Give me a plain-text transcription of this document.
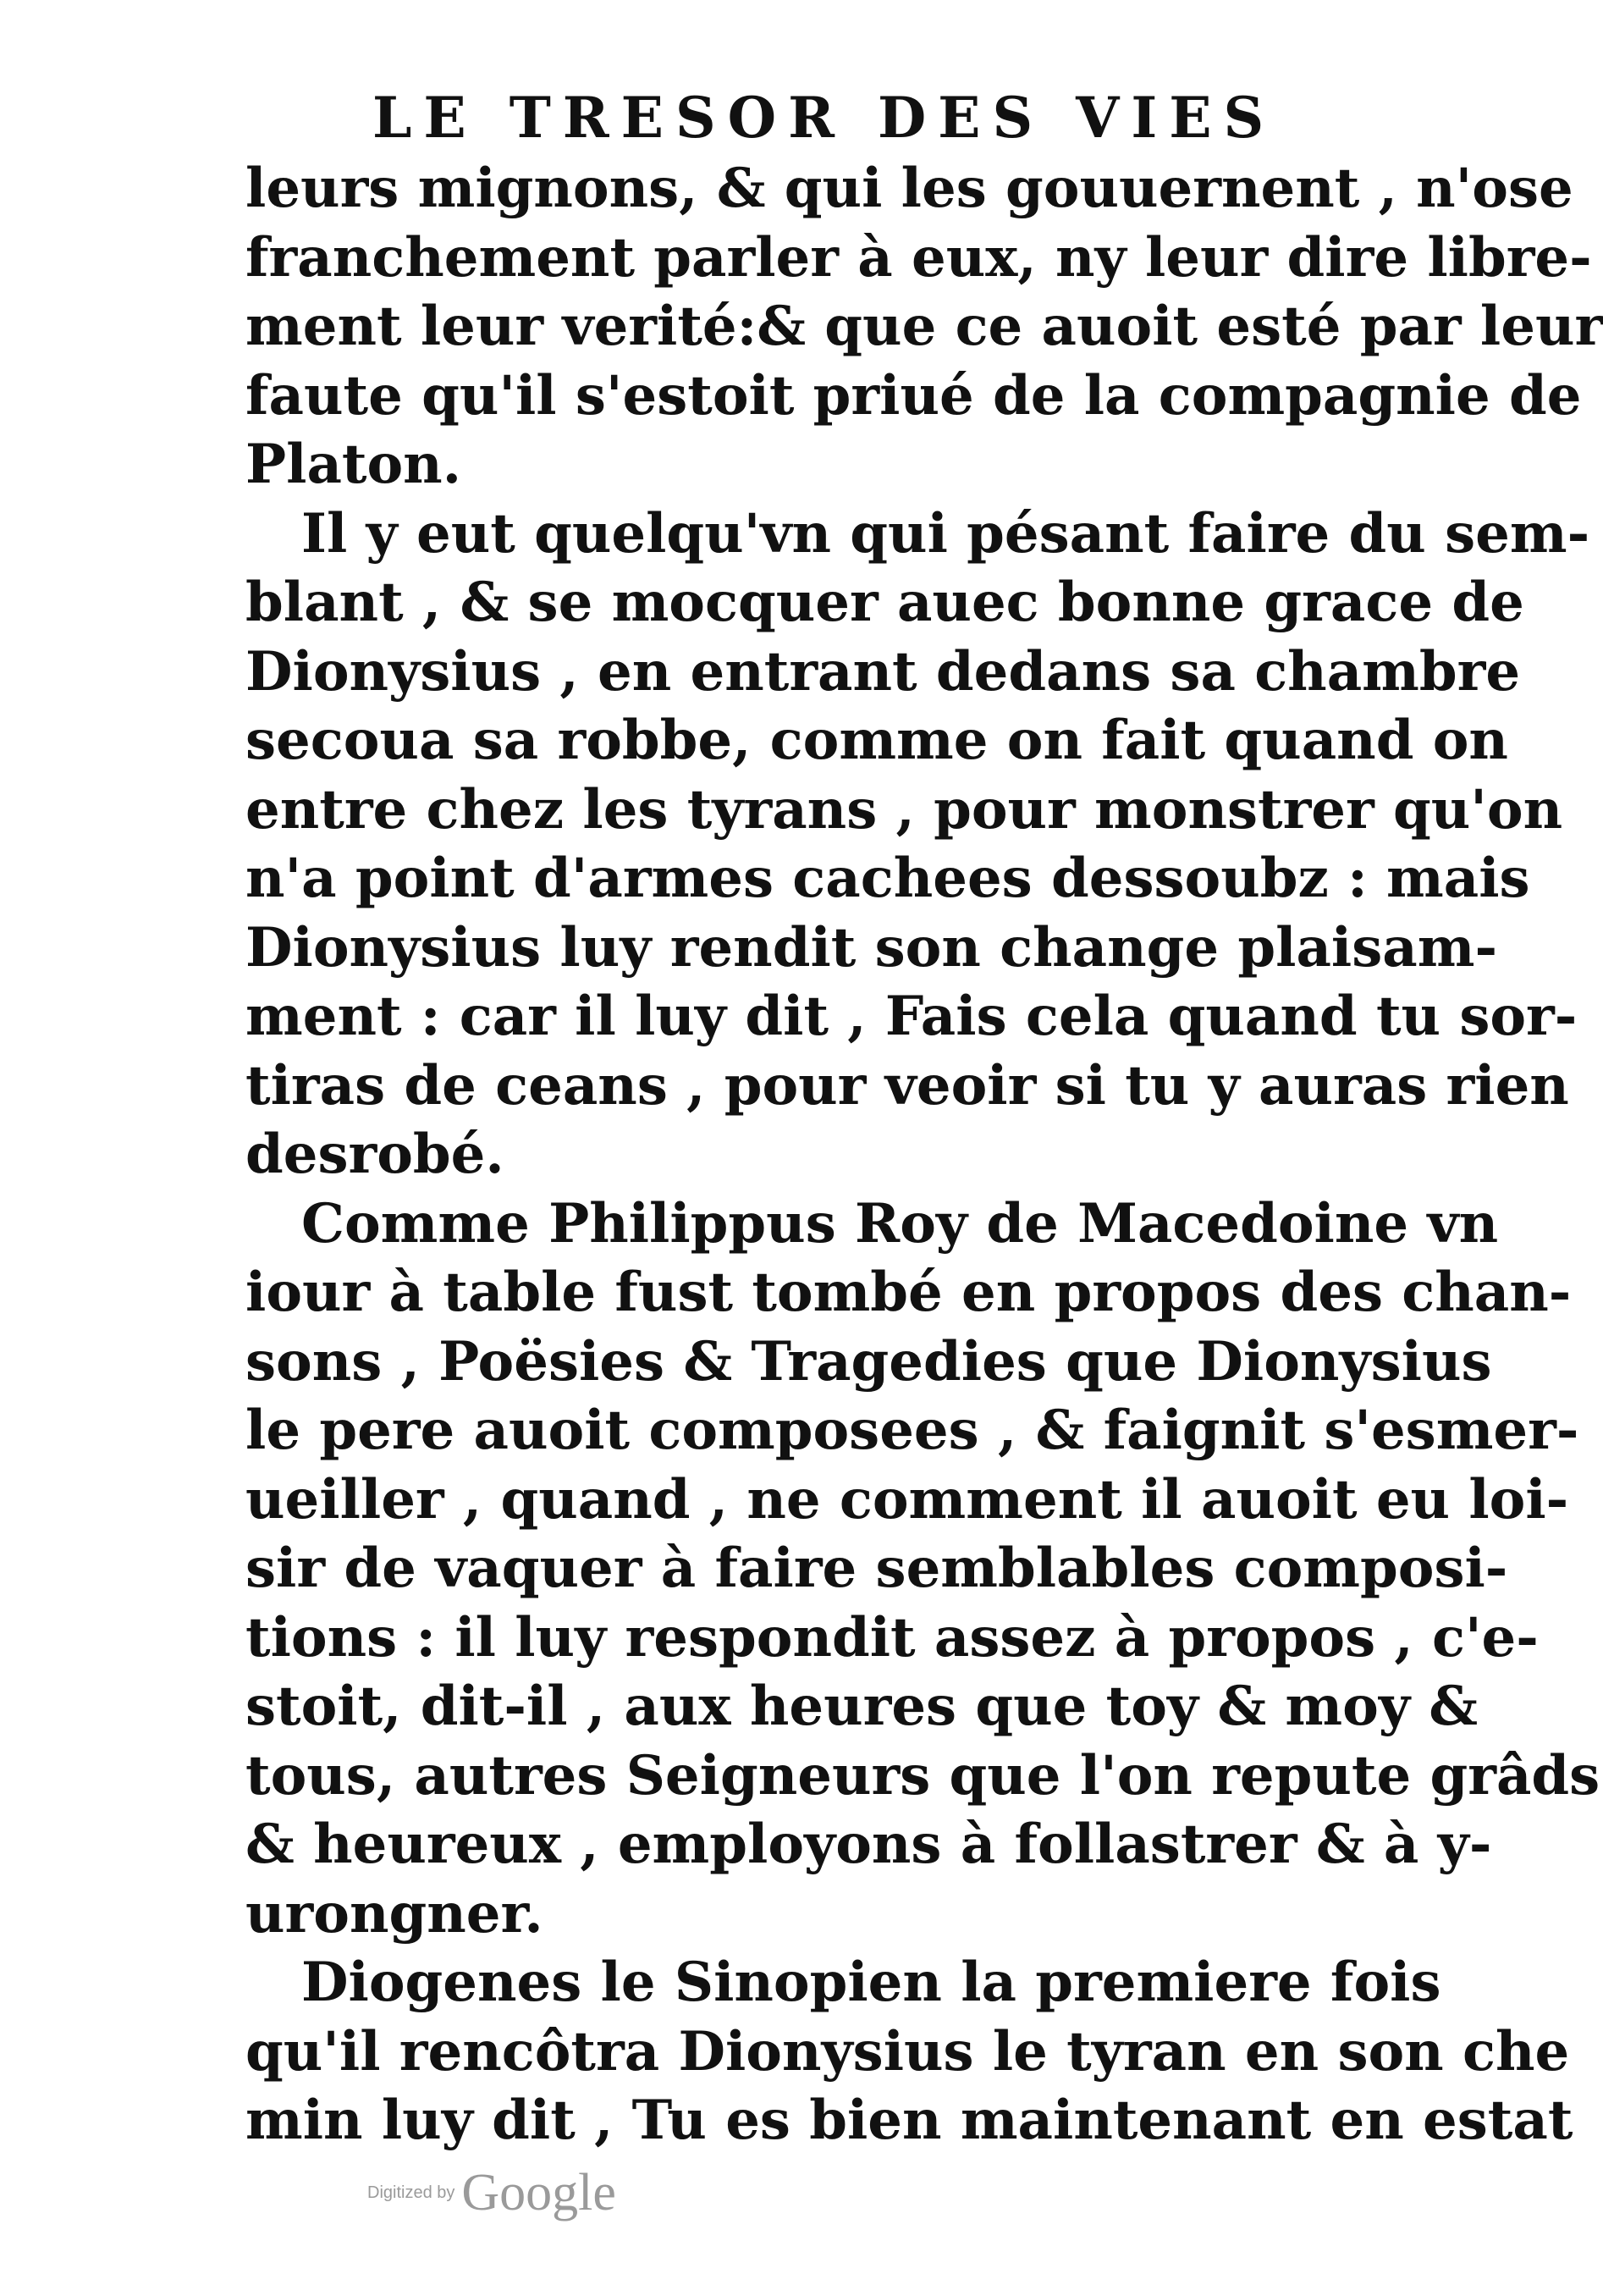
LE TRESOR DES VIES
leurs mignons, & qui les gouuernent , n'ose
franchement parler à eux, ny leur dire libre-
ment leur verité:& que ce auoit esté par leur
faute qu'il s'estoit priué de la compagnie de
Platon.
Il y eut quelqu'vn qui pésant faire du sem-
blant , & se mocquer auec bonne grace de
Dionysius , en entrant dedans sa chambre
secoua sa robbe, comme on fait quand on
entre chez les tyrans , pour monstrer qu'on
n'a point d'armes cachees dessoubz : mais
Dionysius luy rendit son change plaisam-
ment : car il luy dit , Fais cela quand tu sor-
tiras de ceans , pour veoir si tu y auras rien
desrobé.
Comme Philippus Roy de Macedoine vn
iour à table fust tombé en propos des chan-
sons , Poësies & Tragedies que Dionysius
le pere auoit composees , & faignit s'esmer-
ueiller , quand , ne comment il auoit eu loi-
sir de vaquer à faire semblables composi-
tions : il luy respondit assez à propos , c'e-
stoit, dit-il , aux heures que toy & moy &
tous, autres Seigneurs que l'on repute grâds
& heureux , employons à follastrer & à y-
urongner.
Diogenes le Sinopien la premiere fois
qu'il rencôtra Dionysius le tyran en son che
min luy dit , Tu es bien maintenant en estat
Digitized by Google
